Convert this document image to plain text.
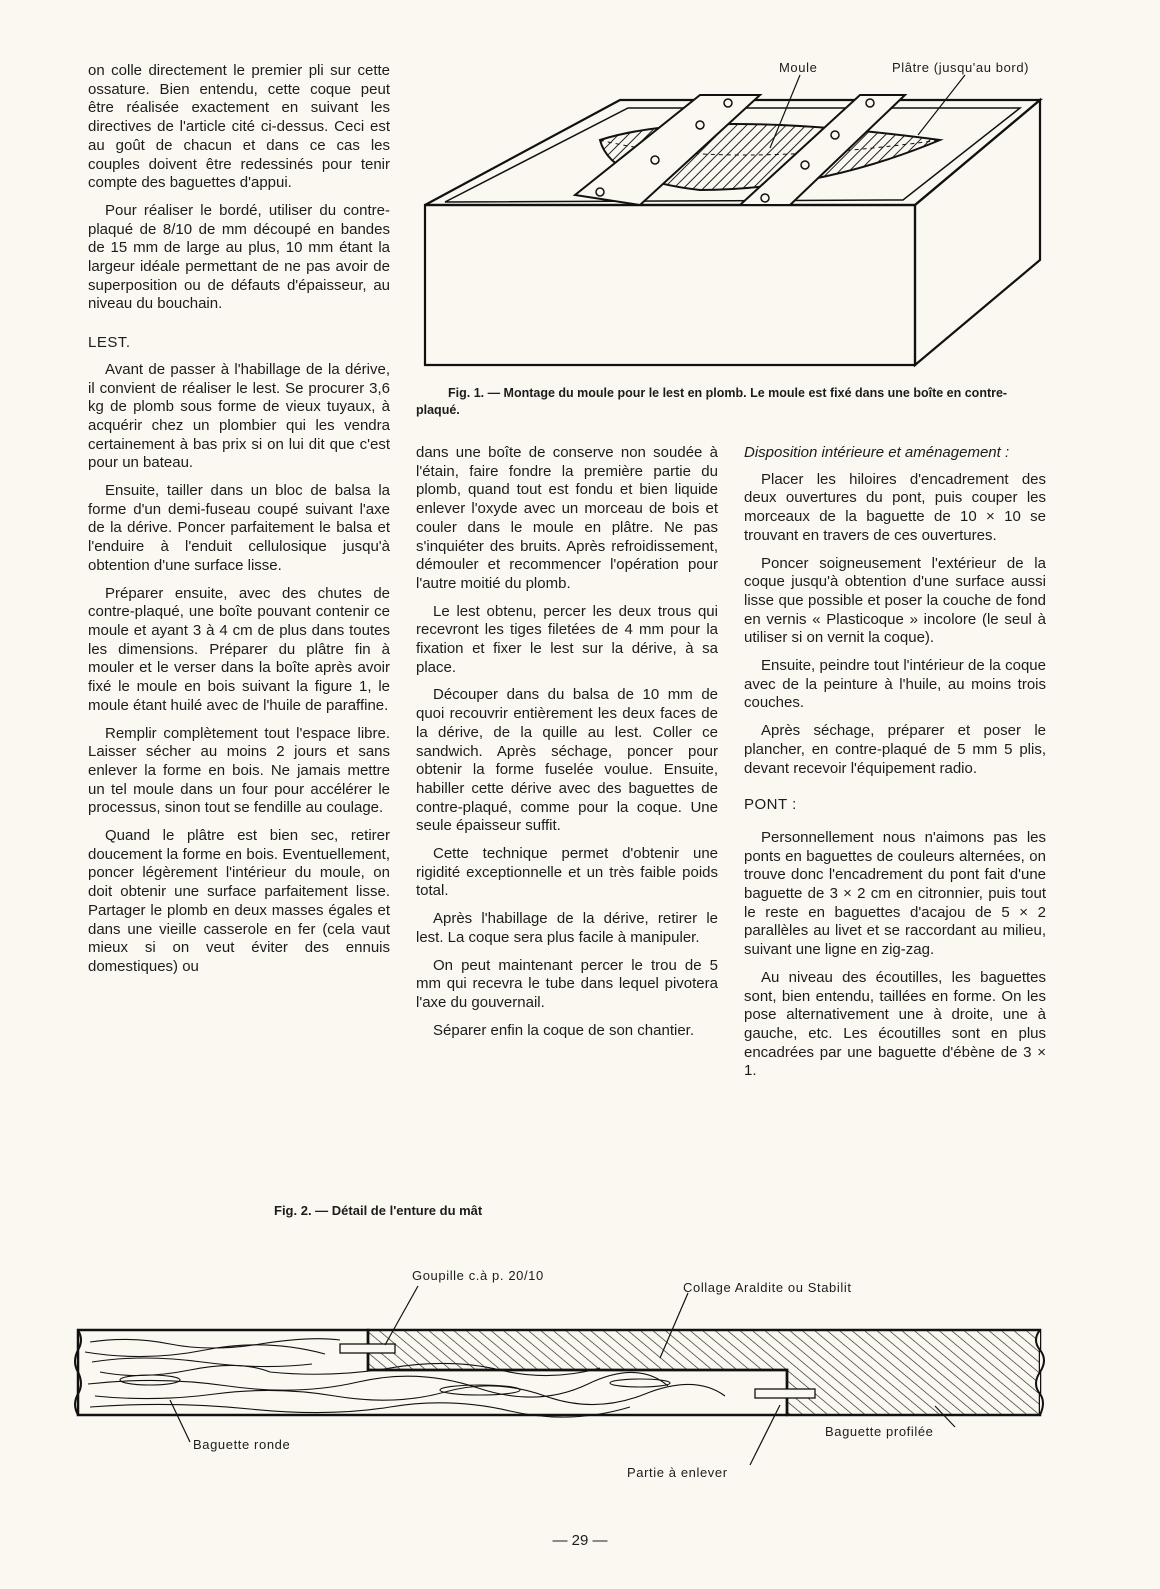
Moule	Plâtre (jusqu'au bord)
Fig. 1. — Montage du moule pour le lest en plomb. Le moule est fixé dans une boîte en contre-plaqué.

on colle directement le premier pli sur cette ossature. Bien entendu, cette coque peut être réalisée exactement en suivant les directives de l'article cité ci-dessus. Ceci est au goût de chacun et dans ce cas les couples doivent être redessinés pour tenir compte des baguettes d'appui.

Pour réaliser le bordé, utiliser du contre-plaqué de 8/10 de mm découpé en bandes de 15 mm de large au plus, 10 mm étant la largeur idéale permettant de ne pas avoir de superposition ou de défauts d'épaisseur, au niveau du bouchain.

LEST.

Avant de passer à l'habillage de la dérive, il convient de réaliser le lest. Se procurer 3,6 kg de plomb sous forme de vieux tuyaux, à acquérir chez un plombier qui les vendra certainement à bas prix si on lui dit que c'est pour un bateau.

Ensuite, tailler dans un bloc de balsa la forme d'un demi-fuseau coupé suivant l'axe de la dérive. Poncer parfaitement le balsa et l'enduire à l'enduit cellulosique jusqu'à obtention d'une surface lisse.

Préparer ensuite, avec des chutes de contre-plaqué, une boîte pouvant contenir ce moule et ayant 3 à 4 cm de plus dans toutes les dimensions. Préparer du plâtre fin à mouler et le verser dans la boîte après avoir fixé le moule en bois suivant la figure 1, le moule étant huilé avec de l'huile de paraffine.

Remplir complètement tout l'espace libre. Laisser sécher au moins 2 jours et sans enlever la forme en bois. Ne jamais mettre un tel moule dans un four pour accélérer le processus, sinon tout se fendille au coulage.

Quand le plâtre est bien sec, retirer doucement la forme en bois. Eventuellement, poncer légèrement l'intérieur du moule, on doit obtenir une surface parfaitement lisse. Partager le plomb en deux masses égales et dans une vieille casserole en fer (cela vaut mieux si on veut éviter des ennuis domestiques) ou

dans une boîte de conserve non soudée à l'étain, faire fondre la première partie du plomb, quand tout est fondu et bien liquide enlever l'oxyde avec un morceau de bois et couler dans le moule en plâtre. Ne pas s'inquiéter des bruits. Après refroidissement, démouler et recommencer l'opération pour l'autre moitié du plomb.

Le lest obtenu, percer les deux trous qui recevront les tiges filetées de 4 mm pour la fixation et fixer le lest sur la dérive, à sa place.

Découper dans du balsa de 10 mm de quoi recouvrir entièrement les deux faces de la dérive, de la quille au lest. Coller ce sandwich. Après séchage, poncer pour obtenir la forme fuselée voulue. Ensuite, habiller cette dérive avec des baguettes de contre-plaqué, comme pour la coque. Une seule épaisseur suffit.

Cette technique permet d'obtenir une rigidité exceptionnelle et un très faible poids total.

Après l'habillage de la dérive, retirer le lest. La coque sera plus facile à manipuler.

On peut maintenant percer le trou de 5 mm qui recevra le tube dans lequel pivotera l'axe du gouvernail.

Séparer enfin la coque de son chantier.

Disposition intérieure et aménagement :

Placer les hiloires d'encadrement des deux ouvertures du pont, puis couper les morceaux de la baguette de 10 × 10 se trouvant en travers de ces ouvertures.

Poncer soigneusement l'extérieur de la coque jusqu'à obtention d'une surface aussi lisse que possible et poser la couche de fond en vernis « Plasticoque » incolore (le seul à utiliser si on vernit la coque).

Ensuite, peindre tout l'intérieur de la coque avec de la peinture à l'huile, au moins trois couches.

Après séchage, préparer et poser le plancher, en contre-plaqué de 5 mm 5 plis, devant recevoir l'équipement radio.

PONT :

Personnellement nous n'aimons pas les ponts en baguettes de couleurs alternées, on trouve donc l'encadrement du pont fait d'une baguette de 3 × 2 cm en citronnier, puis tout le reste en baguettes d'acajou de 5 × 2 parallèles au livet et se raccordant au milieu, suivant une ligne en zig-zag.

Au niveau des écoutilles, les baguettes sont, bien entendu, taillées en forme. On les pose alternativement une à droite, une à gauche, etc. Les écoutilles sont en plus encadrées par une baguette d'ébène de 3 × 1.

Fig. 2. — Détail de l'enture du mât
Goupille c.à p. 20/10
Collage Araldite ou Stabilit
Baguette profilée
Baguette ronde
Partie à enlever
— 29 —
